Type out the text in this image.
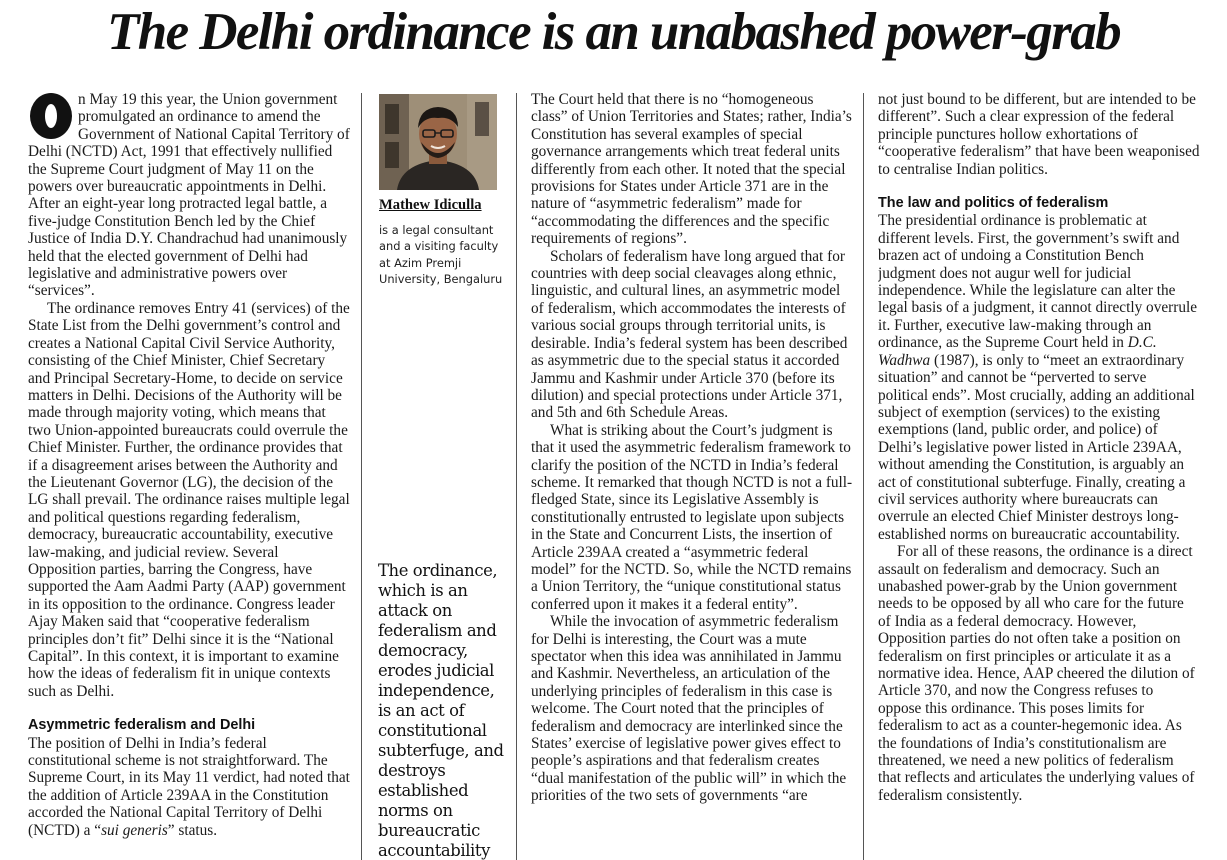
The Delhi ordinance is an unabashed power-grab

n May 19 this year, the Union government promulgated an ordinance to amend the Government of National Capital Territory of Delhi (NCTD) Act, 1991 that effectively nullified the Supreme Court judgment of May 11 on the powers over bureaucratic appointments in Delhi. After an eight-year long protracted legal battle, a five-judge Constitution Bench led by the Chief Justice of India D.Y. Chandrachud had unanimously held that the elected government of Delhi had legislative and administrative powers over “services”.

The ordinance removes Entry 41 (services) of the State List from the Delhi government’s control and creates a National Capital Civil Service Authority, consisting of the Chief Minister, Chief Secretary and Principal Secretary-Home, to decide on service matters in Delhi. Decisions of the Authority will be made through majority voting, which means that two Union-appointed bureaucrats could overrule the Chief Minister. Further, the ordinance provides that if a disagreement arises between the Authority and the Lieutenant Governor (LG), the decision of the LG shall prevail. The ordinance raises multiple legal and political questions regarding federalism, democracy, bureaucratic accountability, executive law-making, and judicial review. Several Opposition parties, barring the Congress, have supported the Aam Aadmi Party (AAP) government in its opposition to the ordinance. Congress leader Ajay Maken said that “cooperative federalism principles don’t fit” Delhi since it is the “National Capital”. In this context, it is important to examine how the ideas of federalism fit in unique contexts such as Delhi.

Asymmetric federalism and Delhi

The position of Delhi in India’s federal constitutional scheme is not straightforward. The Supreme Court, in its May 11 verdict, had noted that the addition of Article 239AA in the Constitution accorded the National Capital Territory of Delhi (NCTD) a “sui generis” status.

Mathew Idiculla
is a legal consultant and a visiting faculty at Azim Premji University, Bengaluru
The ordinance, which is an attack on federalism and democracy, erodes judicial independence, is an act of constitutional subterfuge, and destroys established norms on bureaucratic accountability

The Court held that there is no “homogeneous class” of Union Territories and States; rather, India’s Constitution has several examples of special governance arrangements which treat federal units differently from each other. It noted that the special provisions for States under Article 371 are in the nature of “asymmetric federalism” made for “accommodating the differences and the specific requirements of regions”.

Scholars of federalism have long argued that for countries with deep social cleavages along ethnic, linguistic, and cultural lines, an asymmetric model of federalism, which accommodates the interests of various social groups through territorial units, is desirable. India’s federal system has been described as asymmetric due to the special status it accorded Jammu and Kashmir under Article 370 (before its dilution) and special protections under Article 371, and 5th and 6th Schedule Areas.

What is striking about the Court’s judgment is that it used the asymmetric federalism framework to clarify the position of the NCTD in India’s federal scheme. It remarked that though NCTD is not a full-fledged State, since its Legislative Assembly is constitutionally entrusted to legislate upon subjects in the State and Concurrent Lists, the insertion of Article 239AA created a “asymmetric federal model” for the NCTD. So, while the NCTD remains a Union Territory, the “unique constitutional status conferred upon it makes it a federal entity”.

While the invocation of asymmetric federalism for Delhi is interesting, the Court was a mute spectator when this idea was annihilated in Jammu and Kashmir. Nevertheless, an articulation of the underlying principles of federalism in this case is welcome. The Court noted that the principles of federalism and democracy are interlinked since the States’ exercise of legislative power gives effect to people’s aspirations and that federalism creates “dual manifestation of the public will” in which the priorities of the two sets of governments “are

not just bound to be different, but are intended to be different”. Such a clear expression of the federal principle punctures hollow exhortations of “cooperative federalism” that have been weaponised to centralise Indian politics.

The law and politics of federalism

The presidential ordinance is problematic at different levels. First, the government’s swift and brazen act of undoing a Constitution Bench judgment does not augur well for judicial independence. While the legislature can alter the legal basis of a judgment, it cannot directly overrule it. Further, executive law-making through an ordinance, as the Supreme Court held in D.C. Wadhwa (1987), is only to “meet an extraordinary situation” and cannot be “perverted to serve political ends”. Most crucially, adding an additional subject of exemption (services) to the existing exemptions (land, public order, and police) of Delhi’s legislative power listed in Article 239AA, without amending the Constitution, is arguably an act of constitutional subterfuge. Finally, creating a civil services authority where bureaucrats can overrule an elected Chief Minister destroys long-established norms on bureaucratic accountability.

For all of these reasons, the ordinance is a direct assault on federalism and democracy. Such an unabashed power-grab by the Union government needs to be opposed by all who care for the future of India as a federal democracy. However, Opposition parties do not often take a position on federalism on first principles or articulate it as a normative idea. Hence, AAP cheered the dilution of Article 370, and now the Congress refuses to oppose this ordinance. This poses limits for federalism to act as a counter-hegemonic idea. As the foundations of India’s constitutionalism are threatened, we need a new politics of federalism that reflects and articulates the underlying values of federalism consistently.
